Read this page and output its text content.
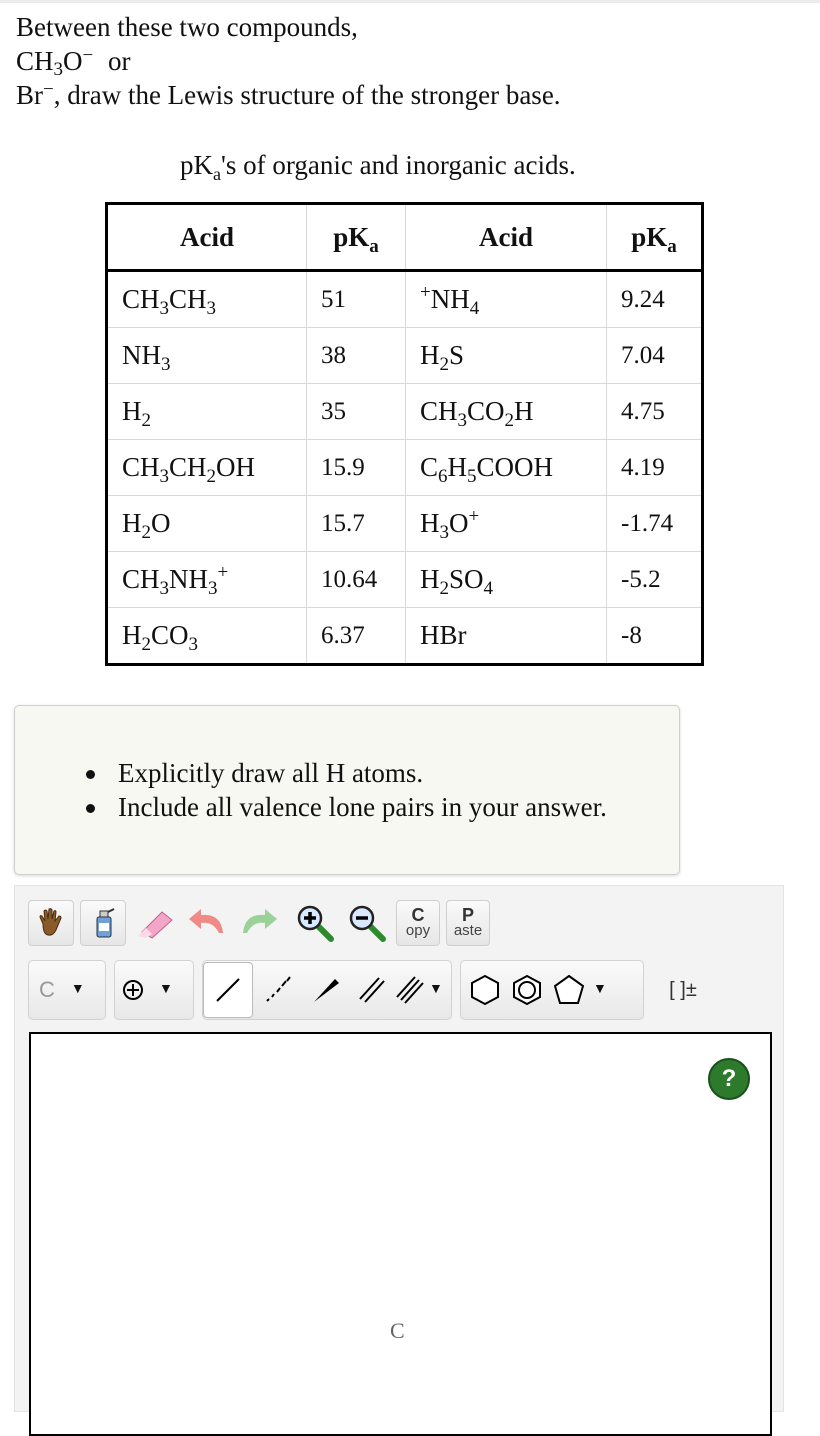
Between these two compounds,
$CH_3O^-$ or
Br−, draw the Lewis structure of the stronger base.
$pK_a's$ of organic and inorganic acids.
Acid	$pK_a$	Acid	$pK_a$
$CH_3CH_3$	51	$^+NH_4$	9.24
$NH_3$	38	$H_2S$	7.04
$H_2$	35	$CH_3CO_2H$	4.75
$CH_3CH_2OH$	15.9	$C_6H_5COOH$	4.19
$H_2O$	15.7	$H_3O^+$	-1.74
$CH_3NH_3^+$	10.64	$H_2SO_4$	-5.2
$H_2CO_3$	6.37	HBr	-8
Explicitly draw all H atoms.
Include all valence lone pairs in your answer.
C
opy
P
aste
C ▼	▼	▼	▼	[ ]±
?
C
